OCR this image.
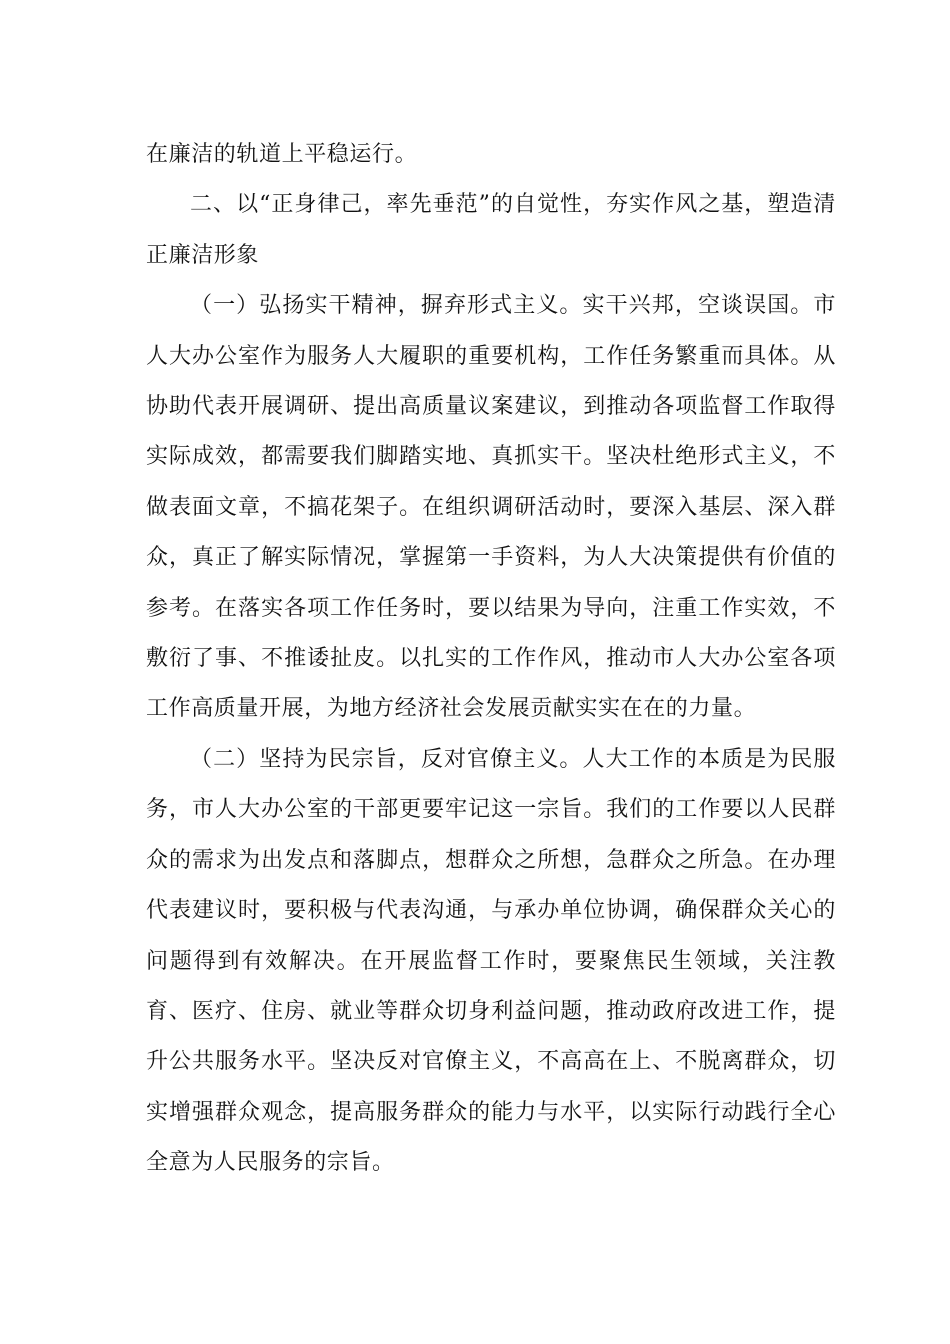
在廉洁的轨道上平稳运行。

二、以“正身律己，率先垂范”的自觉性，夯实作风之基，塑造清正廉洁形象

（一）弘扬实干精神，摒弃形式主义。实干兴邦，空谈误国。市人大办公室作为服务人大履职的重要机构，工作任务繁重而具体。从协助代表开展调研、提出高质量议案建议，到推动各项监督工作取得实际成效，都需要我们脚踏实地、真抓实干。坚决杜绝形式主义，不做表面文章，不搞花架子。在组织调研活动时，要深入基层、深入群众，真正了解实际情况，掌握第一手资料，为人大决策提供有价值的参考。在落实各项工作任务时，要以结果为导向，注重工作实效，不敷衍了事、不推诿扯皮。以扎实的工作作风，推动市人大办公室各项工作高质量开展，为地方经济社会发展贡献实实在在的力量。

（二）坚持为民宗旨，反对官僚主义。人大工作的本质是为民服务，市人大办公室的干部更要牢记这一宗旨。我们的工作要以人民群众的需求为出发点和落脚点，想群众之所想，急群众之所急。在办理代表建议时，要积极与代表沟通，与承办单位协调，确保群众关心的问题得到有效解决。在开展监督工作时，要聚焦民生领域，关注教育、医疗、住房、就业等群众切身利益问题，推动政府改进工作，提升公共服务水平。坚决反对官僚主义，不高高在上、不脱离群众，切实增强群众观念，提高服务群众的能力与水平，以实际行动践行全心全意为人民服务的宗旨。
